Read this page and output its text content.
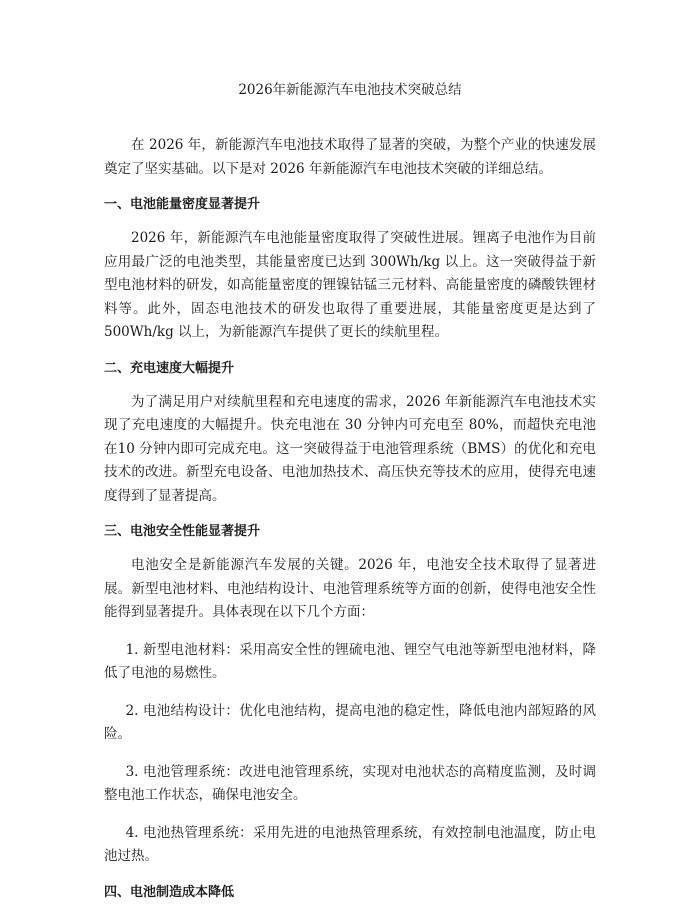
2026年新能源汽车电池技术突破总结

在 2026 年，新能源汽车电池技术取得了显著的突破，为整个产业的快速发展奠定了坚实基础。以下是对 2026 年新能源汽车电池技术突破的详细总结。

一、电池能量密度显著提升

2026 年，新能源汽车电池能量密度取得了突破性进展。锂离子电池作为目前应用最广泛的电池类型，其能量密度已达到 300Wh/kg 以上。这一突破得益于新型电池材料的研发，如高能量密度的锂镍钴锰三元材料、高能量密度的磷酸铁锂材料等。此外，固态电池技术的研发也取得了重要进展，其能量密度更是达到了500Wh/kg 以上，为新能源汽车提供了更长的续航里程。

二、充电速度大幅提升

为了满足用户对续航里程和充电速度的需求，2026 年新能源汽车电池技术实现了充电速度的大幅提升。快充电池在 30 分钟内可充电至 80%，而超快充电池在10 分钟内即可完成充电。这一突破得益于电池管理系统（BMS）的优化和充电技术的改进。新型充电设备、电池加热技术、高压快充等技术的应用，使得充电速度得到了显著提高。

三、电池安全性能显著提升

电池安全是新能源汽车发展的关键。2026 年，电池安全技术取得了显著进展。新型电池材料、电池结构设计、电池管理系统等方面的创新，使得电池安全性能得到显著提升。具体表现在以下几个方面：

1. 新型电池材料：采用高安全性的锂硫电池、锂空气电池等新型电池材料，降低了电池的易燃性。

2. 电池结构设计：优化电池结构，提高电池的稳定性，降低电池内部短路的风险。

3. 电池管理系统：改进电池管理系统，实现对电池状态的高精度监测，及时调整电池工作状态，确保电池安全。

4. 电池热管理系统：采用先进的电池热管理系统，有效控制电池温度，防止电池过热。

四、电池制造成本降低
